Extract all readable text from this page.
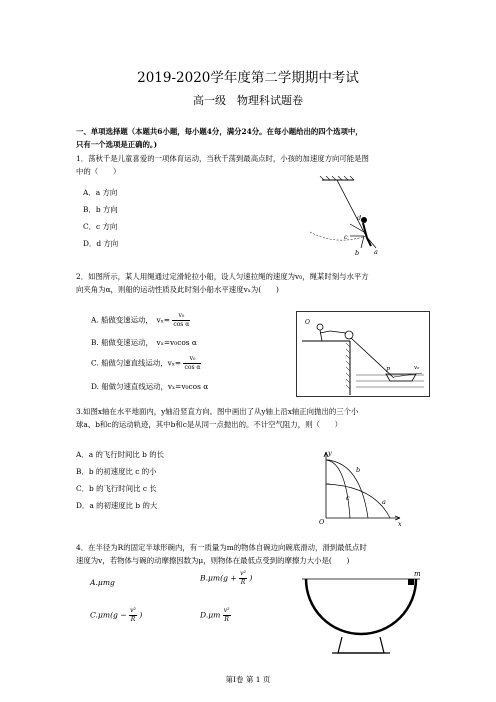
2019-2020学年度第二学期期中考试
高一级　物理科试题卷
一、单项选择题（本题共6小题，每小题4分，满分24分。在每小题给出的四个选项中，
只有一个选项是正确的。)
1．荡秋千是儿童喜爱的一项体育运动，当秋千荡到最高点时，小孩的加速度方向可能是图
中的（　　）
A．a 方向
B．b 方向
C．c 方向
D．d 方向
d
c
a
b
2．如图所示，某人用绳通过定滑轮拉小船，设人匀速拉绳的速度为v₀，绳某时刻与水平方
向夹角为α，则船的运动性质及此时刻小船水平速度vₓ为(　　)
A. 船做变速运动，　$v_x= \frac{\text{v₀}}{\text{cos α}}$
B. 船做变速运动，　vₓ=v₀cos α
C. 船做匀速直线运动，$v_x= \frac{\text{v₀}}{\text{cos α}}$
D. 船做匀速直线运动，vₓ=v₀cos α
O
P	v₀
3.如图x轴在水平地面内，y轴沿竖直方向。图中画出了从y轴上沿x轴正向抛出的三个小
球a、b和c的运动轨迹，其中b和c是从同一点抛出的。不计空气阻力，则（　　）
A．a 的飞行时间比 b 的长
B．b 的初速度比 c 的小
C．b 的飞行时间比 c 长
D．a 的初速度比 b 的大
y
x
O
b
c	a
4．在半径为R的固定半球形碗内，有一质量为m的物体自碗边向碗底滑动，滑到最低点时
速度为v，若物体与碗的动摩擦因数为μ，则物体在最低点受到的摩擦力大小是(　　)
A.μmg	$B.\mu m(g + \frac{\text{v²}}{R}$ )
$C.\mu m(g - \frac{\text{v²}}{R}$ )	$D.\mu m \frac{\text{v²}}{R}$
m
第Ⅰ卷 第 1 页
